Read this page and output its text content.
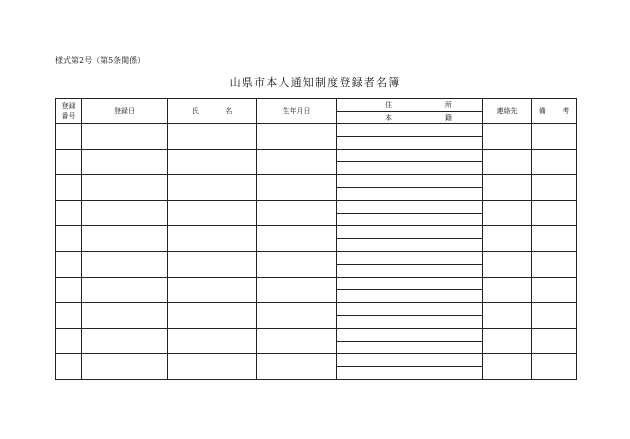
様式第2号（第5条関係）
山県市本人通知制度登録者名簿
登録
番号	登録日	氏 名	生年月日	住 所	連絡先	備 考

				本 籍		
